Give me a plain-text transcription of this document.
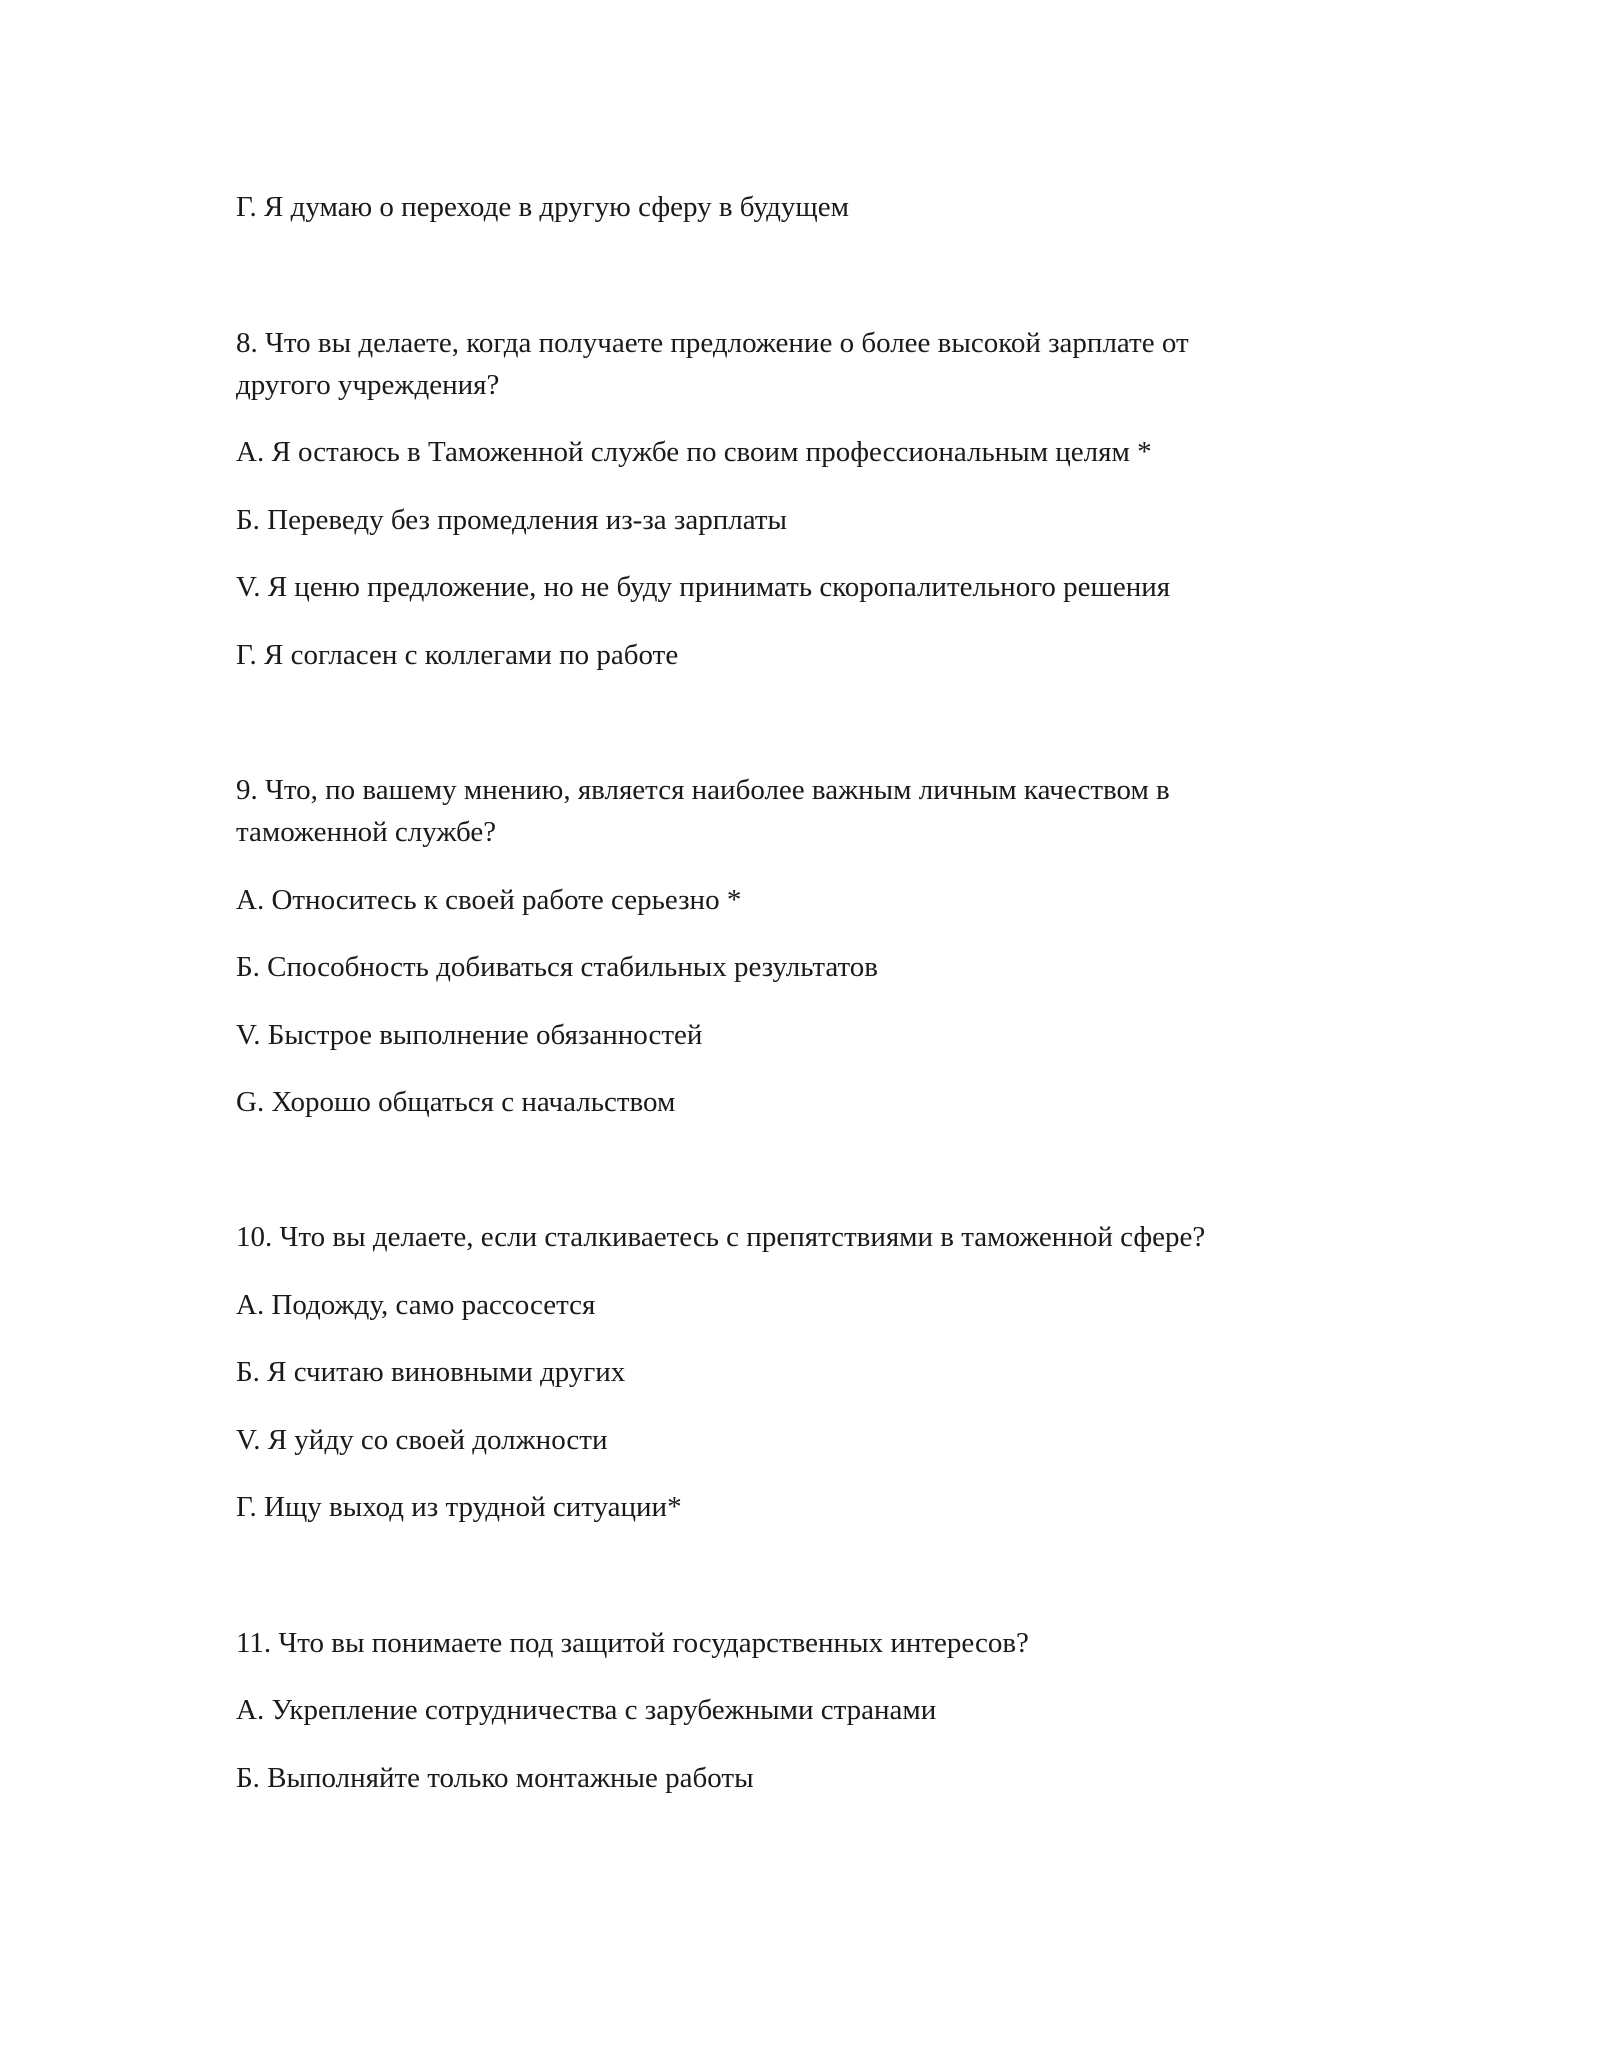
Г. Я думаю о переходе в другую сферу в будущем
8. Что вы делаете, когда получаете предложение о более высокой зарплате от
другого учреждения?
А. Я остаюсь в Таможенной службе по своим профессиональным целям *
Б. Переведу без промедления из-за зарплаты
V. Я ценю предложение, но не буду принимать скоропалительного решения
Г. Я согласен с коллегами по работе
9. Что, по вашему мнению, является наиболее важным личным качеством в
таможенной службе?
А. Относитесь к своей работе серьезно *
Б. Способность добиваться стабильных результатов
V. Быстрое выполнение обязанностей
G. Хорошо общаться с начальством
10. Что вы делаете, если сталкиваетесь с препятствиями в таможенной сфере?
А. Подожду, само рассосется
Б. Я считаю виновными других
V. Я уйду со своей должности
Г. Ищу выход из трудной ситуации*
11. Что вы понимаете под защитой государственных интересов?
А. Укрепление сотрудничества с зарубежными странами
Б. Выполняйте только монтажные работы
